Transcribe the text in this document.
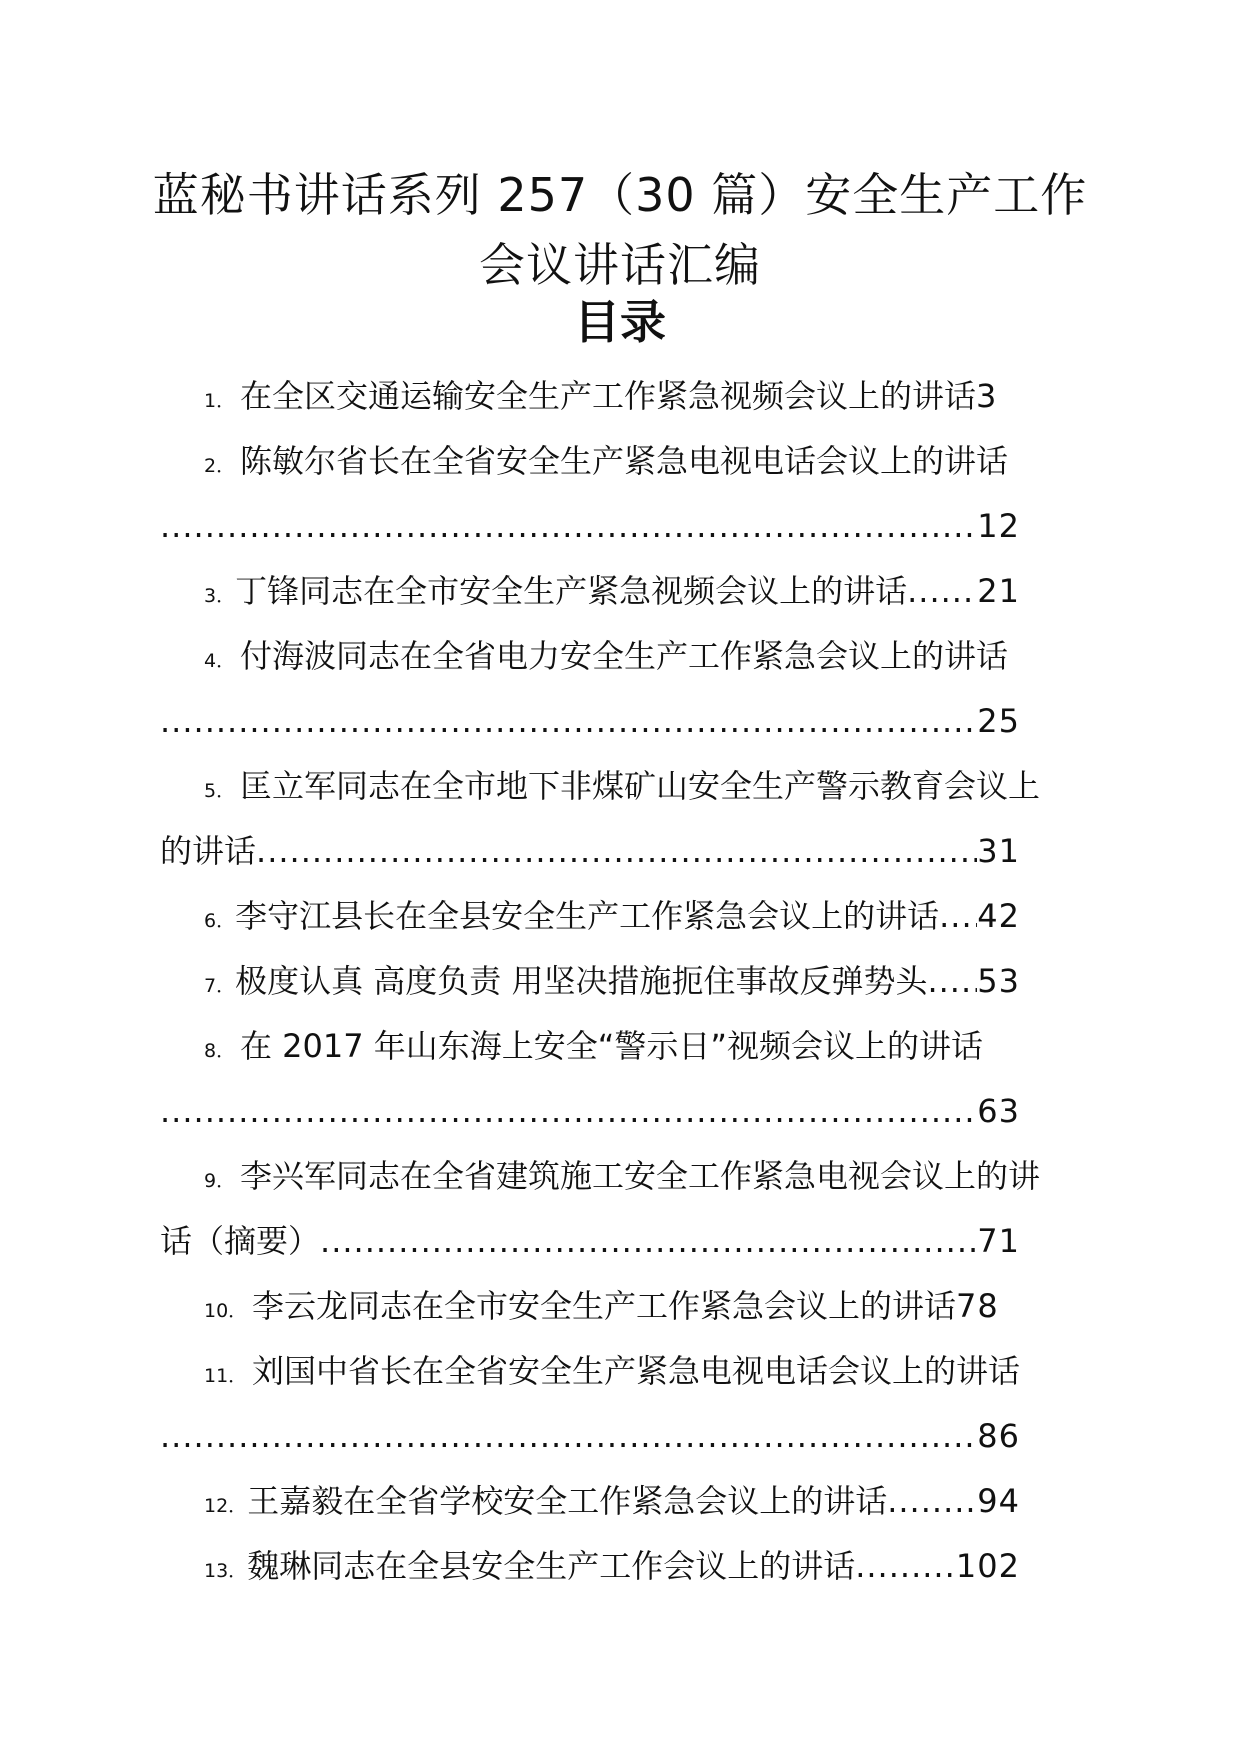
蓝秘书讲话系列 257（30 篇）安全生产工作
会议讲话汇编
目录
1． 在全区交通运输安全生产工作紧急视频会议上的讲话 3
2． 陈敏尔省长在全省安全生产紧急电视电话会议上的讲话
.....
12
3． 丁锋同志在全市安全生产紧急视频会议上的讲话 ..... 21
4． 付海波同志在全省电力安全生产工作紧急会议上的讲话
.....
25
5． 匡立军同志在全市地下非煤矿山安全生产警示教育会议上
的讲话 .....	31
6． 李守江县长在全县安全生产工作紧急会议上的讲话 ..... 42
7． 极度认真 高度负责 用坚决措施扼住事故反弹势头 ..... 53
8． 在 2017 年山东海上安全“警示日”视频会议上的讲话
.....
63
9． 李兴军同志在全省建筑施工安全工作紧急电视会议上的讲
话（摘要） .....	71
10． 李云龙同志在全市安全生产工作紧急会议上的讲话 78
11． 刘国中省长在全省安全生产紧急电视电话会议上的讲话
.....
86
12． 王嘉毅在全省学校安全工作紧急会议上的讲话 .....	94
13． 魏琳同志在全县安全生产工作会议上的讲话 .....	102
